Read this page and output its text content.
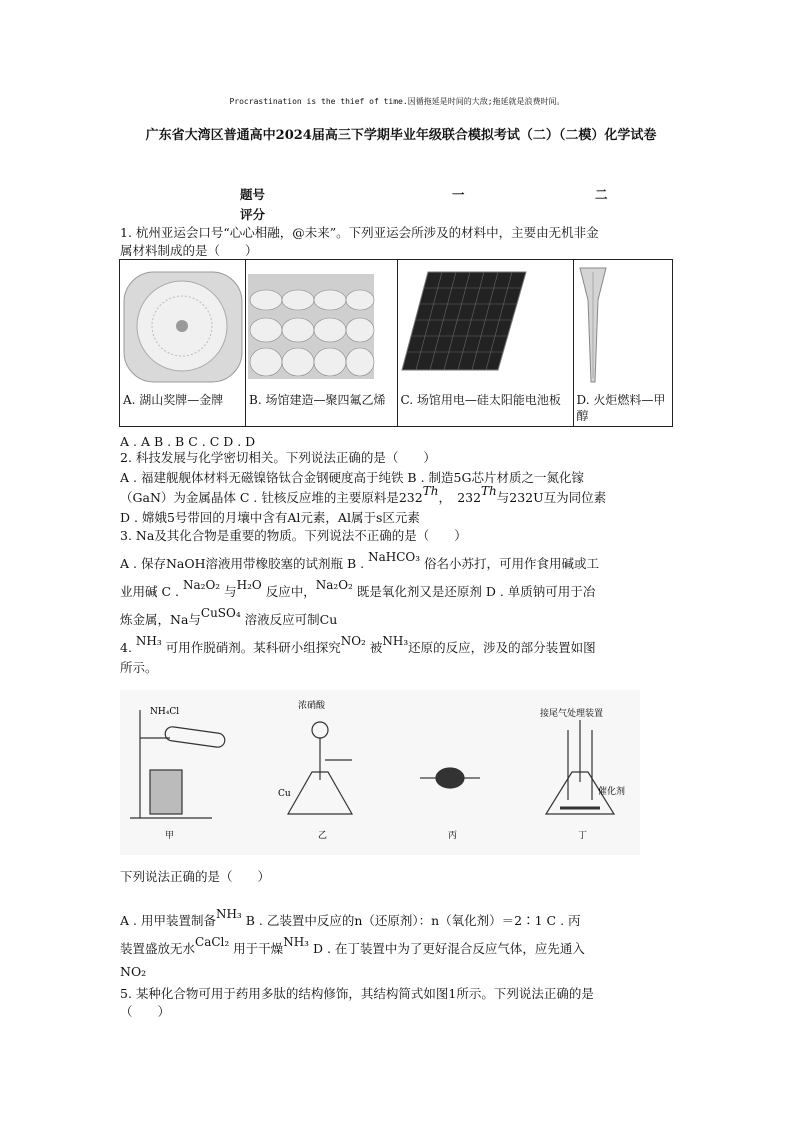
Procrastination is the thief of time.因循拖延是时间的大敌;拖延就是浪费时间。
广东省大湾区普通高中2024届高三下学期毕业年级联合模拟考试（二）（二模）化学试卷
题号	一	二
评分
1. 杭州亚运会口号“心心相融，@未来”。下列亚运会所涉及的材料中，主要由无机非金
属材料制成的是（　　）
A. 湖山奖牌—金牌	B. 场馆建造—聚四氟乙烯	C. 场馆用电—硅太阳能电池板	D. 火炬燃料—甲醇
A . A B . B C . C D . D
2. 科技发展与化学密切相关。下列说法正确的是（　　）
A . 福建舰舰体材料无磁镍铬钛合金钢硬度高于纯铁 B . 制造5G芯片材质之一氮化镓
（GaN）为金属晶体 C . 钍核反应堆的主要原料是232Th，　232Th与232U互为同位素
D . 嫦娥5号带回的月壤中含有Al元素，Al属于s区元素
3. Na及其化合物是重要的物质。下列说法不正确的是（　　）
A . 保存NaOH溶液用带橡胶塞的试剂瓶 B . NaHCO₃ 俗名小苏打，可用作食用碱或工
业用碱 C . Na₂O₂ 与H₂O 反应中，Na₂O₂ 既是氧化剂又是还原剂 D . 单质钠可用于冶
炼金属，Na与CuSO₄ 溶液反应可制Cu
4. NH₃ 可用作脱硝剂。某科研小组探究NO₂ 被NH₃还原的反应，涉及的部分装置如图
所示。
NH₄Cl
浓硝酸
Cu
接尾气处理装置
催化剂
甲	乙	丙	丁
下列说法正确的是（　　）
A . 用甲装置制备NH₃ B . 乙装置中反应的n（还原剂）：n（氧化剂）＝2∶1 C . 丙
装置盛放无水CaCl₂ 用于干燥NH₃ D . 在丁装置中为了更好混合反应气体，应先通入
NO₂
5. 某种化合物可用于药用多肽的结构修饰，其结构简式如图1所示。下列说法正确的是
（　　）
